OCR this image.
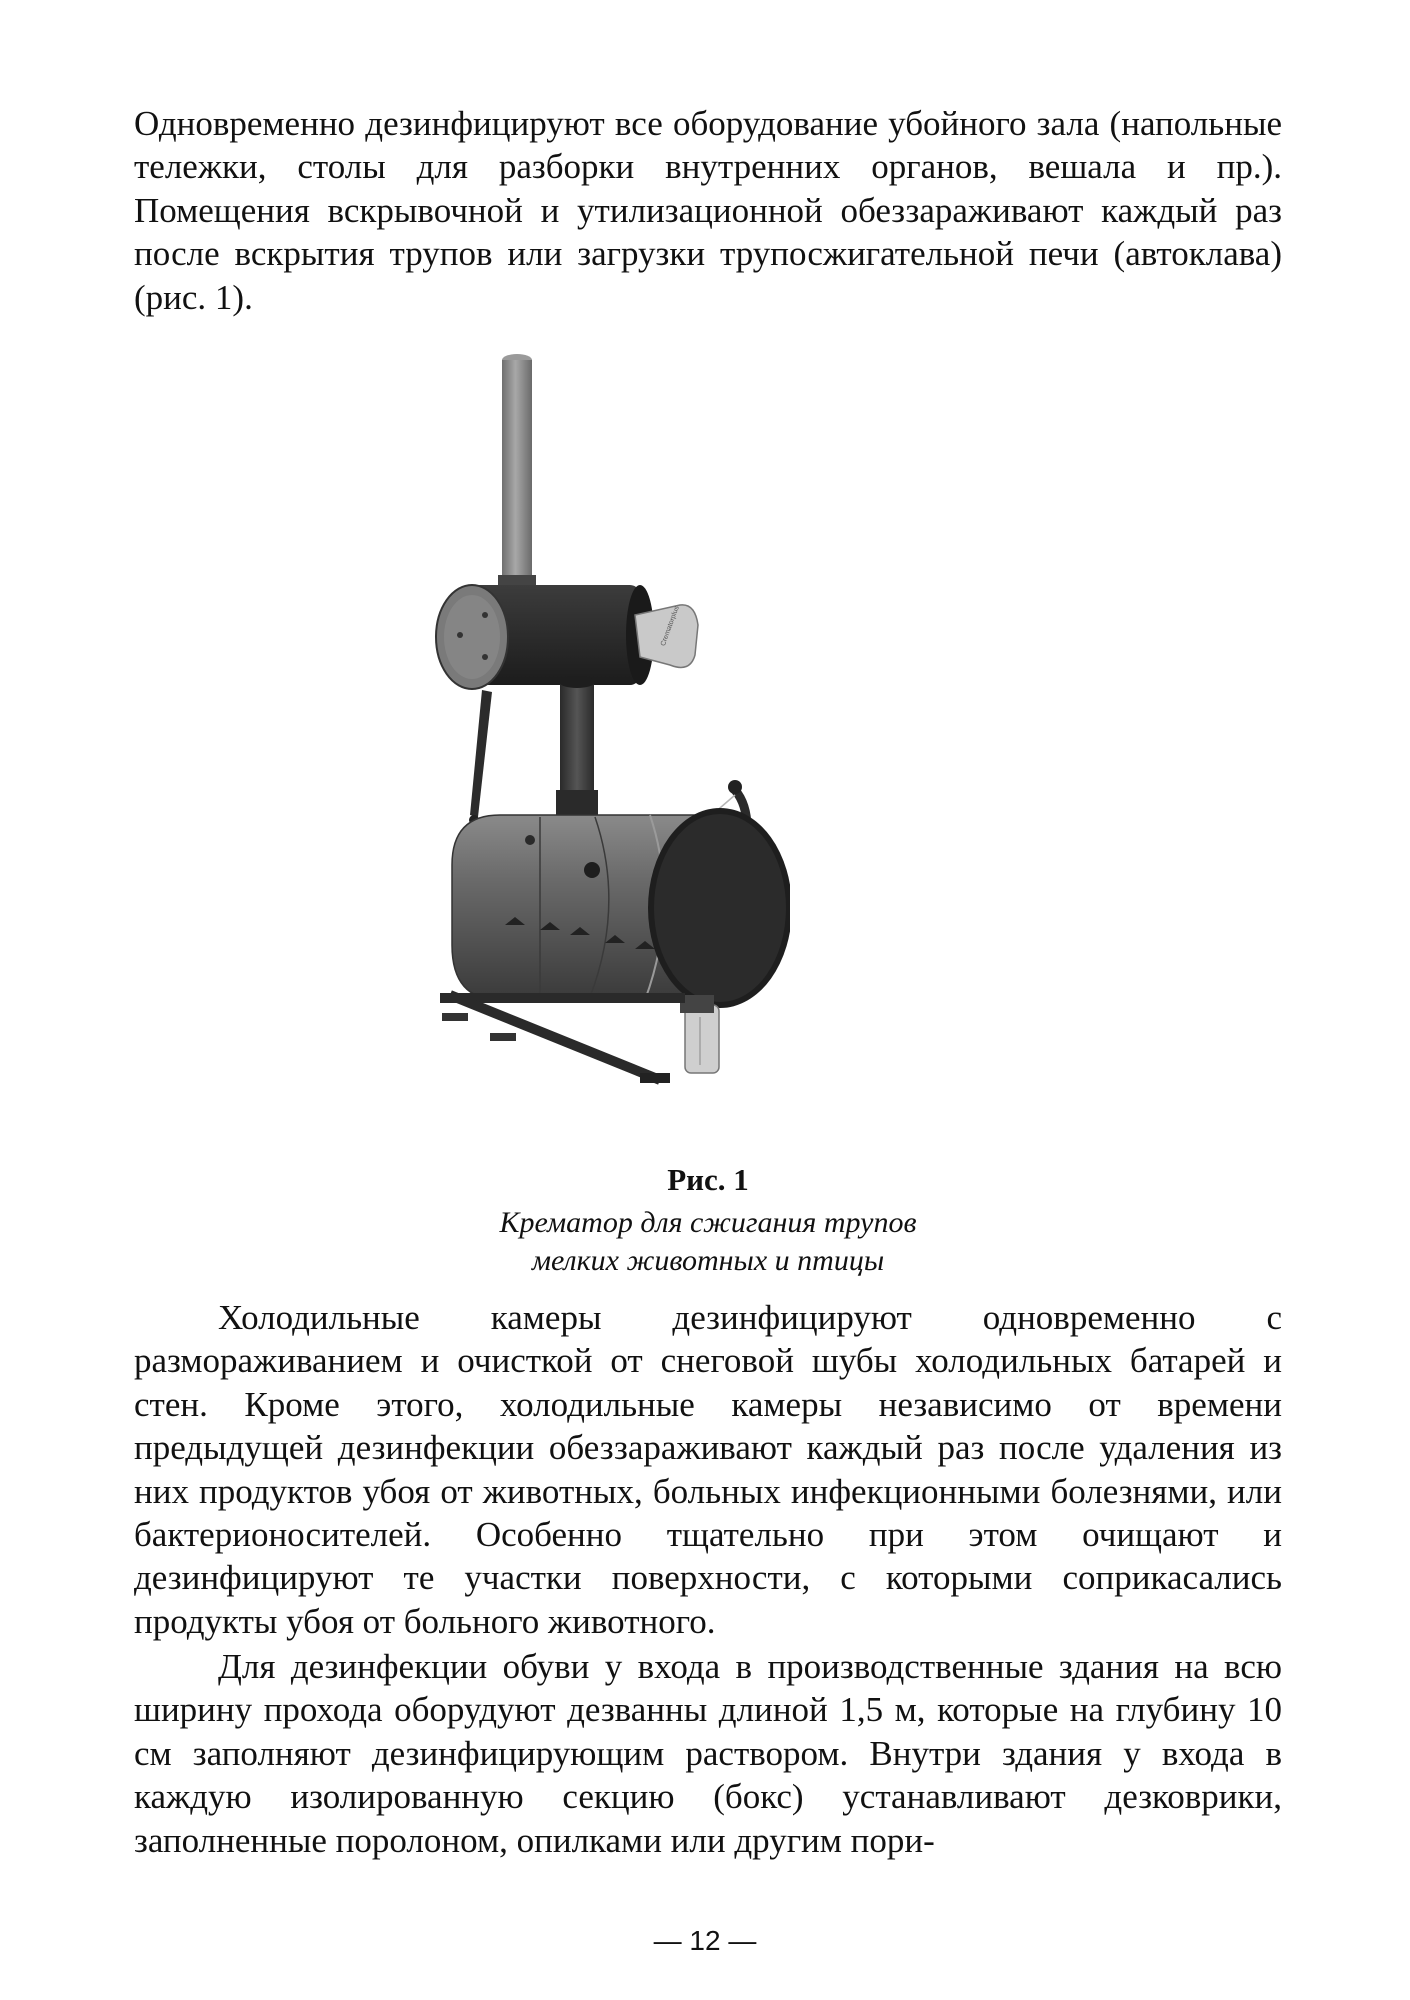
Одновременно дезинфицируют все оборудование убойного зала (напольные тележки, столы для разборки внутренних органов, вешала и пр.). Помещения вскрывочной и утилизационной обеззараживают каждый раз после вскрытия трупов или загрузки трупосжигательной печи (автоклава) (рис. 1).

Crematorplus
Рис. 1
Крематор для сжигания трупов
мелких животных и птицы

Холодильные камеры дезинфицируют одновременно с размораживанием и очисткой от снеговой шубы холодильных батарей и стен. Кроме этого, холодильные камеры независимо от времени предыдущей дезинфекции обеззараживают каждый раз после удаления из них продуктов убоя от животных, больных инфекционными болезнями, или бактерионосителей. Особенно тщательно при этом очищают и дезинфицируют те участки поверхности, с которыми соприкасались продукты убоя от больного животного.

Для дезинфекции обуви у входа в производственные здания на всю ширину прохода оборудуют дезванны длиной 1,5 м, которые на глубину 10 см заполняют дезинфицирующим раствором. Внутри здания у входа в каждую изолированную секцию (бокс) устанавливают дезковрики, заполненные поролоном, опилками или другим пори-

— 12 —
